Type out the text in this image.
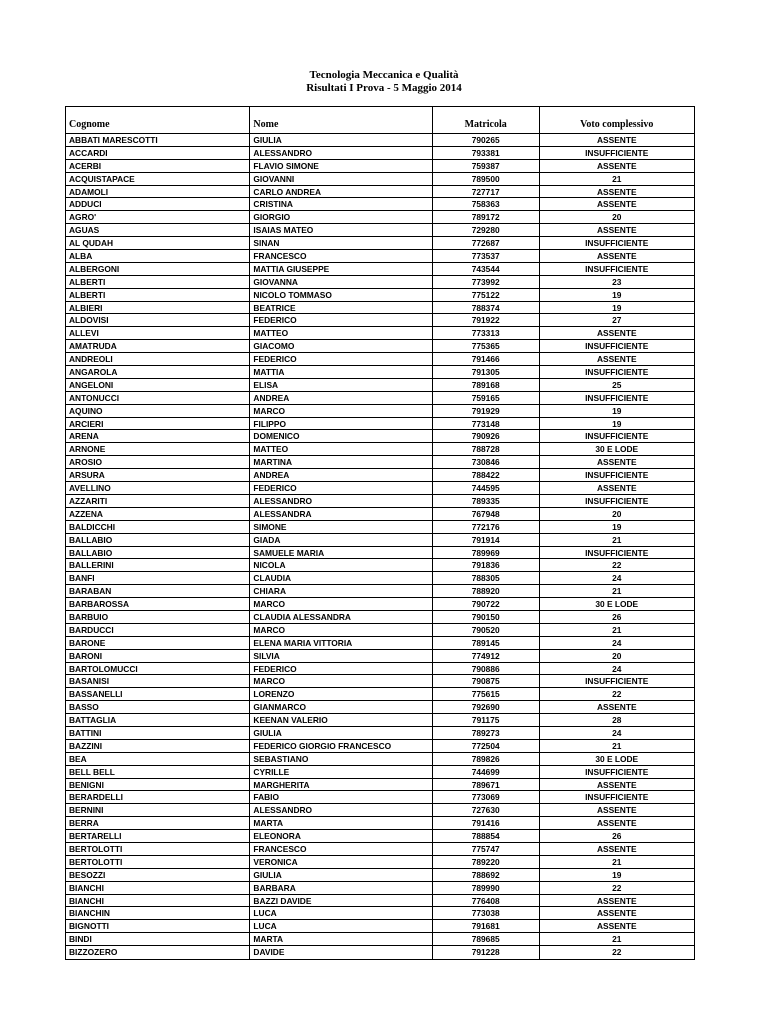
Tecnologia Meccanica e Qualità
Risultati I Prova - 5 Maggio 2014
Cognome	Nome	Matricola	Voto complessivo
ABBATI MARESCOTTI	GIULIA	790265	ASSENTE
ACCARDI	ALESSANDRO	793381	INSUFFICIENTE
ACERBI	FLAVIO SIMONE	759387	ASSENTE
ACQUISTAPACE	GIOVANNI	789500	21
ADAMOLI	CARLO ANDREA	727717	ASSENTE
ADDUCI	CRISTINA	758363	ASSENTE
AGRO'	GIORGIO	789172	20
AGUAS	ISAIAS MATEO	729280	ASSENTE
AL QUDAH	SINAN	772687	INSUFFICIENTE
ALBA	FRANCESCO	773537	ASSENTE
ALBERGONI	MATTIA GIUSEPPE	743544	INSUFFICIENTE
ALBERTI	GIOVANNA	773992	23
ALBERTI	NICOLO TOMMASO	775122	19
ALBIERI	BEATRICE	788374	19
ALDOVISI	FEDERICO	791922	27
ALLEVI	MATTEO	773313	ASSENTE
AMATRUDA	GIACOMO	775365	INSUFFICIENTE
ANDREOLI	FEDERICO	791466	ASSENTE
ANGAROLA	MATTIA	791305	INSUFFICIENTE
ANGELONI	ELISA	789168	25
ANTONUCCI	ANDREA	759165	INSUFFICIENTE
AQUINO	MARCO	791929	19
ARCIERI	FILIPPO	773148	19
ARENA	DOMENICO	790926	INSUFFICIENTE
ARNONE	MATTEO	788728	30 E LODE
AROSIO	MARTINA	730846	ASSENTE
ARSURA	ANDREA	788422	INSUFFICIENTE
AVELLINO	FEDERICO	744595	ASSENTE
AZZARITI	ALESSANDRO	789335	INSUFFICIENTE
AZZENA	ALESSANDRA	767948	20
BALDICCHI	SIMONE	772176	19
BALLABIO	GIADA	791914	21
BALLABIO	SAMUELE MARIA	789969	INSUFFICIENTE
BALLERINI	NICOLA	791836	22
BANFI	CLAUDIA	788305	24
BARABAN	CHIARA	788920	21
BARBAROSSA	MARCO	790722	30 E LODE
BARBUIO	CLAUDIA ALESSANDRA	790150	26
BARDUCCI	MARCO	790520	21
BARONE	ELENA MARIA VITTORIA	789145	24
BARONI	SILVIA	774912	20
BARTOLOMUCCI	FEDERICO	790886	24
BASANISI	MARCO	790875	INSUFFICIENTE
BASSANELLI	LORENZO	775615	22
BASSO	GIANMARCO	792690	ASSENTE
BATTAGLIA	KEENAN VALERIO	791175	28
BATTINI	GIULIA	789273	24
BAZZINI	FEDERICO GIORGIO FRANCESCO	772504	21
BEA	SEBASTIANO	789826	30 E LODE
BELL BELL	CYRILLE	744699	INSUFFICIENTE
BENIGNI	MARGHERITA	789671	ASSENTE
BERARDELLI	FABIO	773069	INSUFFICIENTE
BERNINI	ALESSANDRO	727630	ASSENTE
BERRA	MARTA	791416	ASSENTE
BERTARELLI	ELEONORA	788854	26
BERTOLOTTI	FRANCESCO	775747	ASSENTE
BERTOLOTTI	VERONICA	789220	21
BESOZZI	GIULIA	788692	19
BIANCHI	BARBARA	789990	22
BIANCHI	BAZZI DAVIDE	776408	ASSENTE
BIANCHIN	LUCA	773038	ASSENTE
BIGNOTTI	LUCA	791681	ASSENTE
BINDI	MARTA	789685	21
BIZZOZERO	DAVIDE	791228	22
